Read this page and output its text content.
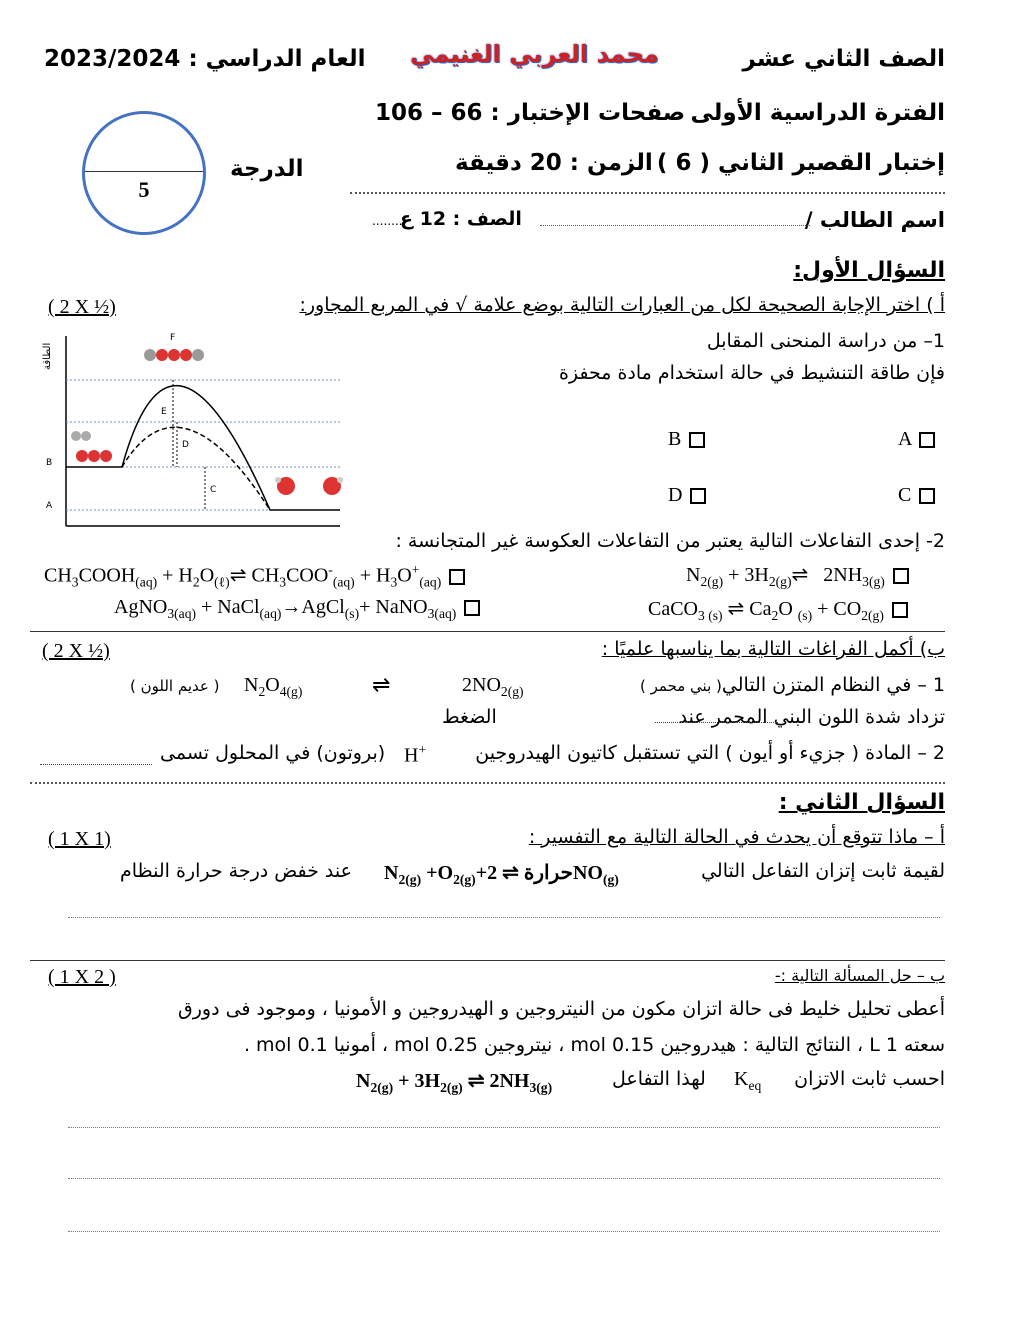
الصف الثاني عشر
العام الدراسي : 2023/2024 محمد العربي الغنيمي
الفترة الدراسية الأولى
صفحات الإختبار : 66 – 106
إختبار القصير الثاني ( 6 )
الزمن : 20 دقيقة
5
الدرجة
اسم الطالب /
الصف : 12 ع
.........
السؤال الأول:
أ ) اختر الإجابة الصحيحة لكل من العبارات التالية بوضع علامة √ في المربع المجاور:
( 2 X ½)
1– من دراسة المنحنى المقابل
فإن طاقة التنشيط في حالة استخدام مادة محفزة
A
B
C
D
الطاقة
B
A
C
D
E
F
2- إحدى التفاعلات التالية يعتبر من التفاعلات العكوسة غير المتجانسة :
$CH_3COOH_{(aq)}$ + $H_2O_{(\ell)}\rightleftharpoons$ $CH_3COO^-_{(aq)} + H_3O^+_{(aq)}$	$N_{2(g)}$ + $3H_{2(g)}\rightleftharpoons$   $2NH_{3(g)}$
AgNO$_{3(aq)}$ + NaCl$_{(aq)}$→AgCl$_{(s)}$+ NaNO$_{3(aq)}$	CaCO$_{3 (s)}$ ⇌ $Ca_2O$ $_{(s)} + CO_{2(g)}$
ب) أكمل الفراغات التالية بما يناسبها علميًا :
( 2 X ½)
1 – في النظام المتزن التالي
( بني محمر )
$2NO_{2(g)}$
⇌
$N_2O_{4(g)}$
( عديم اللون )
تزداد شدة اللون البني المحمر عند
الضغط
2 – المادة ( جزيء أو أيون ) التي تستقبل كاتيون الهيدروجين
H+
(بروتون) في المحلول تسمى
السؤال الثاني :
أ – ماذا تتوقع أن يحدث في الحالة التالية مع التفسير :
( 1 X 1)
لقيمة ثابت إتزان التفاعل التالي
$N_{2(g)} +O_{2(g)}+$ حرارة ⇌ $2NO_{(g)}$
عند خفض درجة حرارة النظام
ب – حل المسألة التالية :-
( 1 X 2 )
أعطى تحليل خليط فى حالة اتزان مكون من النيتروجين و الهيدروجين و الأمونيا ، وموجود فى دورق
سعته 1 L ، النتائج التالية : هيدروجين 0.15 mol ، نيتروجين 0.25 mol ، أمونيا 0.1 mol .
احسب ثابت الاتزان
$K_{eq}$
لهذا التفاعل
$N_{2(g)} + 3H_{2(g)}$ ⇌ $2NH_{3(g)}$
